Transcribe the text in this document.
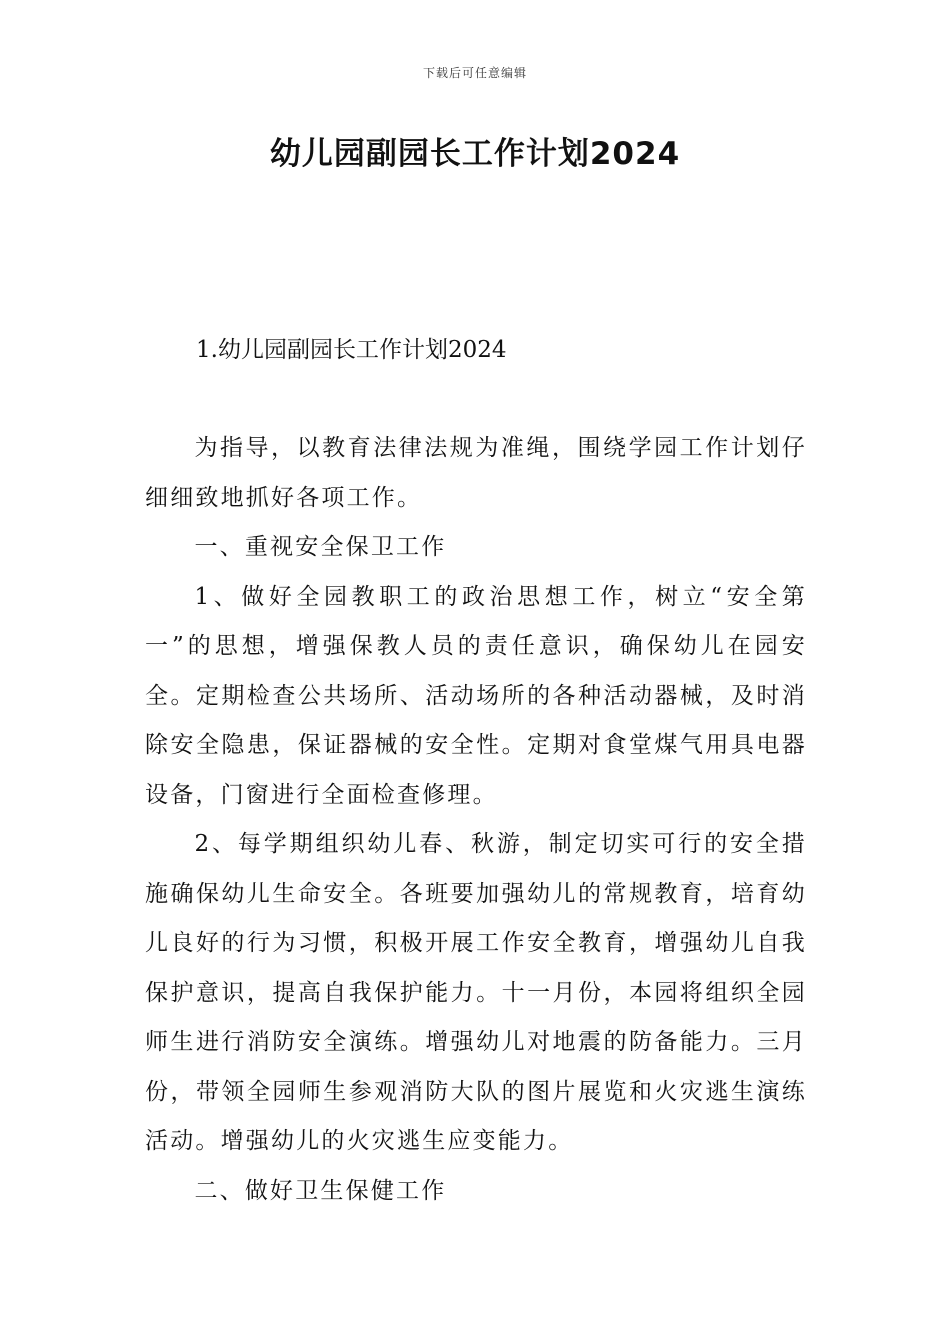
下载后可任意编辑
幼儿园副园长工作计划2024
1.幼儿园副园长工作计划2024

为指导，以教育法律法规为准绳，围绕学园工作计划仔细细致地抓好各项工作。

一、重视安全保卫工作

1、做好全园教职工的政治思想工作，树立“安全第一”的思想，增强保教人员的责任意识，确保幼儿在园安全。定期检查公共场所、活动场所的各种活动器械，及时消除安全隐患，保证器械的安全性。定期对食堂煤气用具电器设备，门窗进行全面检查修理。

2、每学期组织幼儿春、秋游，制定切实可行的安全措施确保幼儿生命安全。各班要加强幼儿的常规教育，培育幼儿良好的行为习惯，积极开展工作安全教育，增强幼儿自我保护意识，提高自我保护能力。十一月份，本园将组织全园师生进行消防安全演练。增强幼儿对地震的防备能力。三月份，带领全园师生参观消防大队的图片展览和火灾逃生演练活动。增强幼儿的火灾逃生应变能力。

二、做好卫生保健工作
